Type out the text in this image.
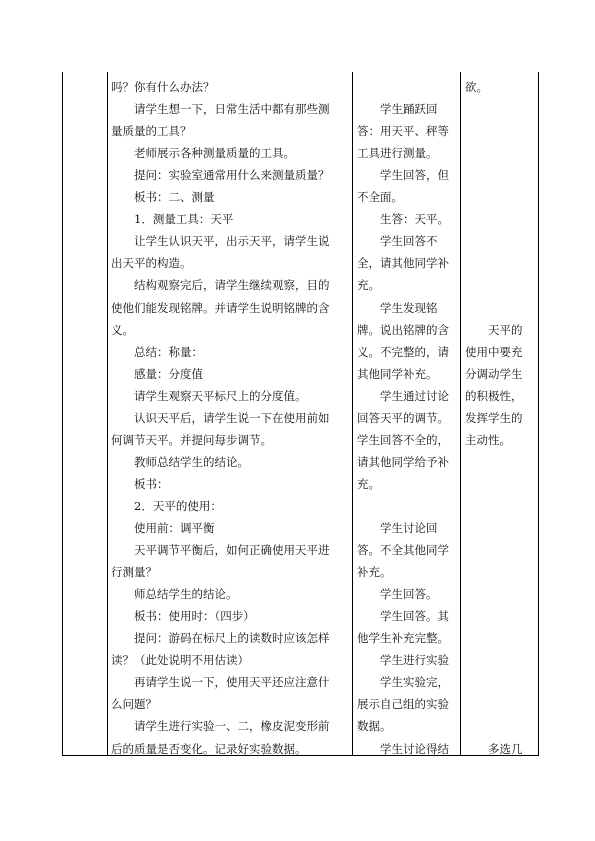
吗？你有什么办法？
　　请学生想一下，日常生活中都有那些测
量质量的工具？
　　老师展示各种测量质量的工具。
　　提问：实验室通常用什么来测量质量？
　　板书：二、测量
　　1．测量工具：天平
　　让学生认识天平，出示天平，请学生说
出天平的构造。
　　结构观察完后，请学生继续观察，目的
使他们能发现铭牌。并请学生说明铭牌的含
义。
　　总结：称量：
　　感量：分度值
　　请学生观察天平标尺上的分度值。
　　认识天平后，请学生说一下在使用前如
何调节天平。并提问每步调节。
　　教师总结学生的结论。
　　板书：
　　2．天平的使用：
　　使用前：调平衡
　　天平调节平衡后，如何正确使用天平进
行测量？
　　师总结学生的结论。
　　板书：使用时：（四步）
　　提问：游码在标尺上的读数时应该怎样
读？（此处说明不用估读）
　　再请学生说一下，使用天平还应注意什
么问题？
　　请学生进行实验一、二，橡皮泥变形前
后的质量是否变化。记录好实验数据。
　　学生踊跃回
答：用天平、秤等
工具进行测量。
　　学生回答，但
不全面。
　　生答：天平。
　　学生回答不
全，请其他同学补
充。
　　学生发现铭
牌。说出铭牌的含
义。不完整的，请
其他同学补充。
　　学生通过讨论
回答天平的调节。
学生回答不全的，
请其他同学给予补
充。
　　学生讨论回
答。不全其他同学
补充。
　　学生回答。
　　学生回答。其
他学生补充完整。
　　学生进行实验
　　学生实验完，
展示自己组的实验
数据。
　　学生讨论得结
欲。
　　天平的
使用中要充
分调动学生
的积极性，
发挥学生的
主动性。
　　多选几
